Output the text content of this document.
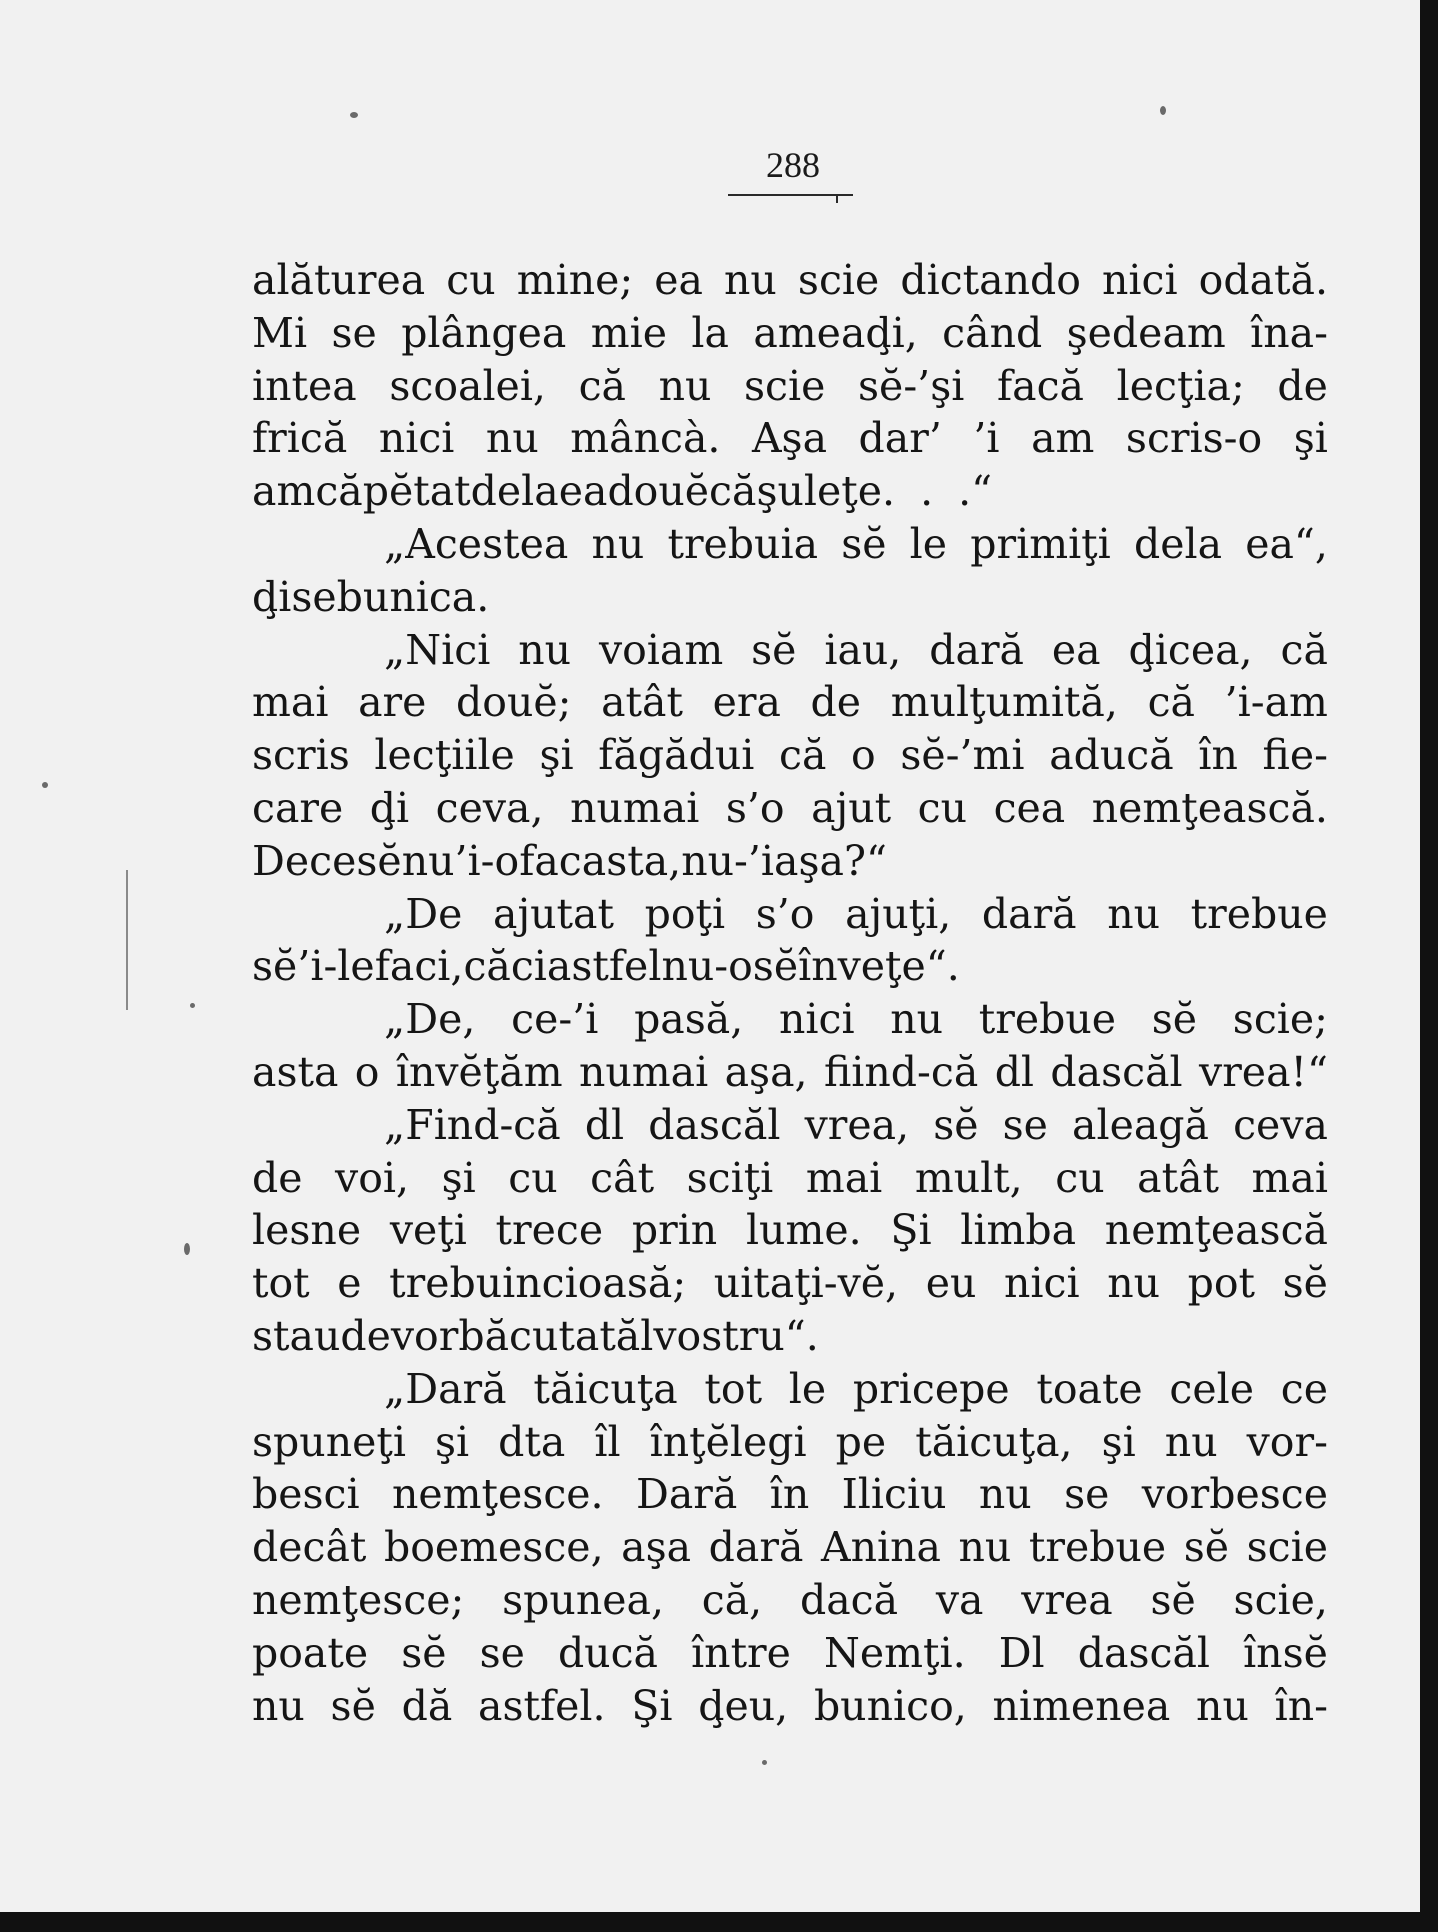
288
alăturea cu mine; ea nu scie dictando nici odată.
Mi se plângea mie la ameaḑi, când şedeam îna-
intea scoalei, că nu scie sĕ-’şi facă lecţia; de
frică nici nu mâncà. Aşa dar’ ’i am scris-o şi
am căpĕtat dela ea douĕ căşuleţe . . .“
„Acestea nu trebuia sĕ le primiţi dela ea“,
ḑise bunica.
„Nici nu voiam sĕ iau, dară ea ḑicea, că
mai are douĕ; atât era de mulţumită, că ’i-am
scris lecţiile şi făgădui că o sĕ-’mi aducă în fie-
care ḑi ceva, numai s’o ajut cu cea nemţească.
De ce sĕ nu ’i-o fac asta, nu-’i aşa?“
„De ajutat poţi s’o ajuţi, dară nu trebue
sĕ ’i-le faci, căci astfel nu-o sĕ înveţe“.
„De, ce-’i pasă, nici nu trebue sĕ scie;
asta o învĕţăm numai aşa, fiind-că dl dascăl vrea!“
„Find-că dl dascăl vrea, sĕ se aleagă ceva
de voi, şi cu cât sciţi mai mult, cu atât mai
lesne veţi trece prin lume. Şi limba nemţească
tot e trebuincioasă; uitaţi-vĕ, eu nici nu pot sĕ
stau de vorbă cu tatăl vostru“.
„Dară tăicuţa tot le pricepe toate cele ce
spuneţi şi dta îl înţĕlegi pe tăicuţa, şi nu vor-
besci nemţesce. Dară în Iliciu nu se vorbesce
decât boemesce, aşa dară Anina nu trebue sĕ scie
nemţesce; spunea, că, dacă va vrea sĕ scie,
poate sĕ se ducă între Nemţi. Dl dascăl însĕ
nu sĕ dă astfel. Şi ḑeu, bunico, nimenea nu în-
